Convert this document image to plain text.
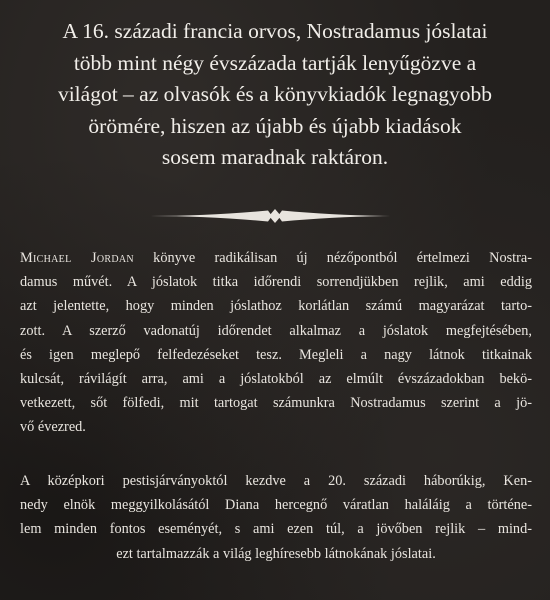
A 16. századi francia orvos, Nostradamus jóslatai
több mint négy évszázada tartják lenyűgözve a
világot – az olvasók és a könyvkiadók legnagyobb
örömére, hiszen az újabb és újabb kiadások
sosem maradnak raktáron.

Michael Jordan könyve radikálisan új nézőpontból értelmezi Nostra-
damus művét. A jóslatok titka időrendi sorrendjükben rejlik, ami eddig
azt jelentette, hogy minden jóslathoz korlátlan számú magyarázat tarto-
zott. A szerző vadonatúj időrendet alkalmaz a jóslatok megfejtésében,
és igen meglepő felfedezéseket tesz. Megleli a nagy látnok titkainak
kulcsát, rávilágít arra, ami a jóslatokból az elmúlt évszázadokban bekö-
vetkezett, sőt fölfedi, mit tartogat számunkra Nostradamus szerint a jö-
vő évezred.

A középkori pestisjárványoktól kezdve a 20. századi háborúkig, Ken-
nedy elnök meggyilkolásától Diana hercegnő váratlan haláláig a történe-
lem minden fontos eseményét, s ami ezen túl, a jövőben rejlik – mind-
ezt tartalmazzák a világ leghíresebb látnokának jóslatai.
